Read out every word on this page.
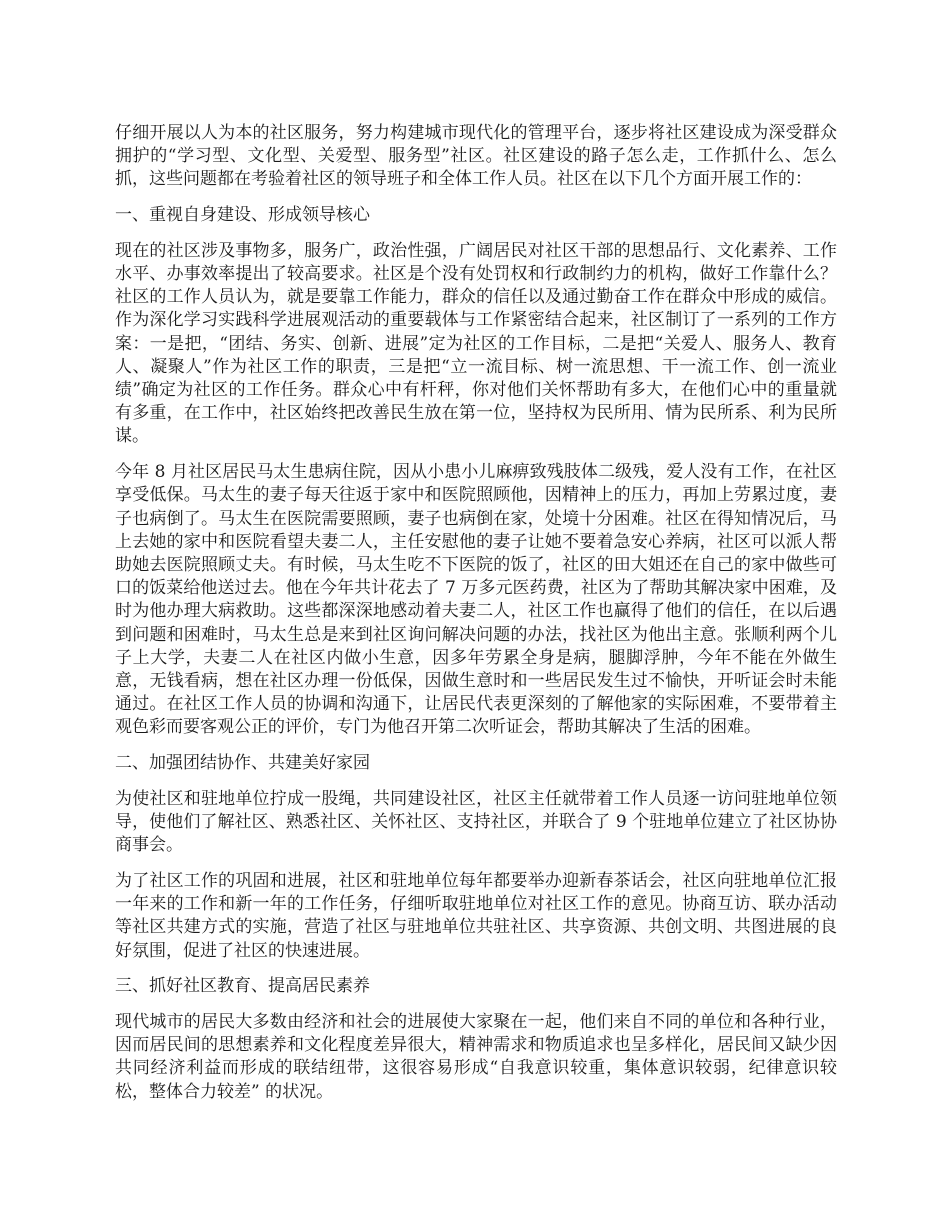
仔细开展以人为本的社区服务，努力构建城市现代化的管理平台，逐步将社区建设成为深受群众拥护的“学习型、文化型、关爱型、服务型”社区。社区建设的路子怎么走，工作抓什么、怎么抓，这些问题都在考验着社区的领导班子和全体工作人员。社区在以下几个方面开展工作的：

一、重视自身建设、形成领导核心

现在的社区涉及事物多，服务广，政治性强，广阔居民对社区干部的思想品行、文化素养、工作水平、办事效率提出了较高要求。社区是个没有处罚权和行政制约力的机构，做好工作靠什么？社区的工作人员认为，就是要靠工作能力，群众的信任以及通过勤奋工作在群众中形成的威信。作为深化学习实践科学进展观活动的重要载体与工作紧密结合起来，社区制订了一系列的工作方案：一是把，“团结、务实、创新、进展”定为社区的工作目标，二是把“关爱人、服务人、教育人、凝聚人”作为社区工作的职责，三是把“立一流目标、树一流思想、干一流工作、创一流业绩”确定为社区的工作任务。群众心中有杆秤，你对他们关怀帮助有多大，在他们心中的重量就有多重，在工作中，社区始终把改善民生放在第一位，坚持权为民所用、情为民所系、利为民所谋。

今年 8 月社区居民马太生患病住院，因从小患小儿麻痹致残肢体二级残，爱人没有工作，在社区享受低保。马太生的妻子每天往返于家中和医院照顾他，因精神上的压力，再加上劳累过度，妻子也病倒了。马太生在医院需要照顾，妻子也病倒在家，处境十分困难。社区在得知情况后，马上去她的家中和医院看望夫妻二人，主任安慰他的妻子让她不要着急安心养病，社区可以派人帮助她去医院照顾丈夫。有时候，马太生吃不下医院的饭了，社区的田大姐还在自己的家中做些可口的饭菜给他送过去。他在今年共计花去了 7 万多元医药费，社区为了帮助其解决家中困难，及时为他办理大病救助。这些都深深地感动着夫妻二人，社区工作也赢得了他们的信任，在以后遇到问题和困难时，马太生总是来到社区询问解决问题的办法，找社区为他出主意。张顺利两个儿子上大学，夫妻二人在社区内做小生意，因多年劳累全身是病，腿脚浮肿，今年不能在外做生意，无钱看病，想在社区办理一份低保，因做生意时和一些居民发生过不愉快，开听证会时未能通过。在社区工作人员的协调和沟通下，让居民代表更深刻的了解他家的实际困难，不要带着主观色彩而要客观公正的评价，专门为他召开第二次听证会，帮助其解决了生活的困难。

二、加强团结协作、共建美好家园

为使社区和驻地单位拧成一股绳，共同建设社区，社区主任就带着工作人员逐一访问驻地单位领导，使他们了解社区、熟悉社区、关怀社区、支持社区，并联合了 9 个驻地单位建立了社区协协商事会。

为了社区工作的巩固和进展，社区和驻地单位每年都要举办迎新春茶话会，社区向驻地单位汇报一年来的工作和新一年的工作任务，仔细听取驻地单位对社区工作的意见。协商互访、联办活动等社区共建方式的实施，营造了社区与驻地单位共驻社区、共享资源、共创文明、共图进展的良好氛围，促进了社区的快速进展。

三、抓好社区教育、提高居民素养

现代城市的居民大多数由经济和社会的进展使大家聚在一起，他们来自不同的单位和各种行业，因而居民间的思想素养和文化程度差异很大，精神需求和物质追求也呈多样化，居民间又缺少因共同经济利益而形成的联结纽带，这很容易形成“自我意识较重，集体意识较弱，纪律意识较松，整体合力较差” 的状况。
